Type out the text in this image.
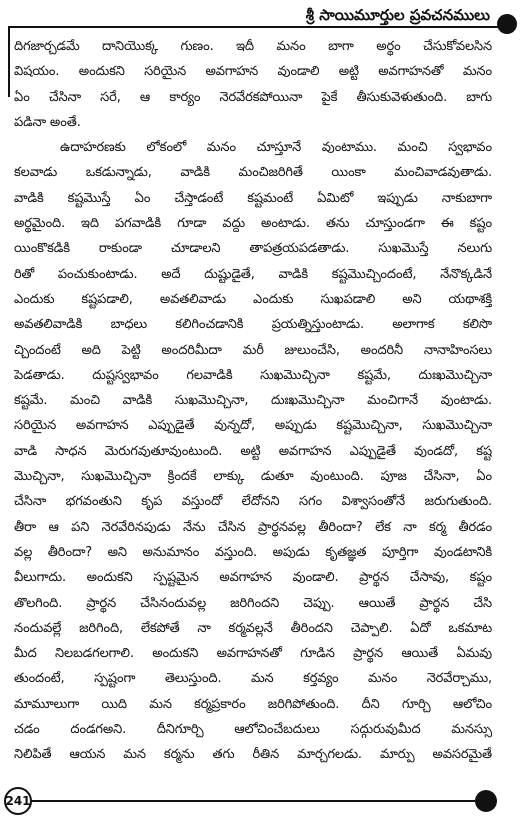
శ్రీ సాయిమూర్తుల ప్రవచనములు
దిగజార్చడమే దానియొక్క గుణం. ఇదీ మనం బాగా అర్థం చేసుకోవలసిన
విషయం. అందుకని సరియైన అవగాహన వుండాలి అట్టి అవగాహనతో మనం
ఏం చేసినా సరే, ఆ కార్యం నెరవేరకపోయినా పైకే తీసుకువెళుతుంది. బాగు
పడినా అంతే.
ఉదాహరణకు లోకంలో మనం చూస్తూనే వుంటాము. మంచి స్వభావం
కలవాడు ఒకడున్నాడు, వాడికి మంచిజరిగితే యింకా మంచివాడవుతాడు.
వాడికి కష్టమొస్తే ఏం చేస్తాడంటే కష్టమంటే ఏమిటో ఇప్పుడు నాకుబాగా
అర్థమైంది. ఇది పగవాడికి గూడా వద్దు అంటాడు. తను చూస్తుండగా ఈ కష్టం
యింకొకడికి రాకుండా చూడాలని తాపత్రయపడతాడు. సుఖమొస్తే నలుగు
రితో పంచుకుంటాడు. అదే దుష్టుడైతే, వాడికి కష్టమొచ్చిందంటే, నేనొక్కడినే
ఎందుకు కష్టపడాలి, అవతలివాడు ఎందుకు సుఖపడాలి అని యథాశక్తి
అవతలివాడికి బాధలు కలిగించడానికి ప్రయత్నిస్తుంటాడు. అలాగాక కలిసొ
చ్చిందంటే అది పెట్టి అందరిమీదా మరీ జులుంచేసి, అందరినీ నానాహింసలు
పెడతాడు. దుష్టస్వభావం గలవాడికి సుఖమొచ్చినా కష్టమే, దుఃఖమొచ్చినా
కష్టమే. మంచి వాడికి సుఖమొచ్చినా, దుఃఖమొచ్చినా మంచిగానే వుంటాడు.
సరియైన అవగాహన ఎప్పుడైతే వున్నదో, అప్పుడు కష్టమొచ్చినా, సుఖమొచ్చినా
వాడి సాధన మెరుగవుతూవుంటుంది. అట్టి అవగాహన ఎప్పుడైతే వుండదో, కష్ట
మొచ్చినా, సుఖమొచ్చినా క్రిందకే లాక్కు డుతూ వుంటుంది. పూజ చేసినా, ఏం
చేసినా భగవంతుని కృప వస్తుందో లేదోనని సగం విశ్వాసంతోనే జరుగుతుంది.
తీరా ఆ పని నెరవేరినపుడు నేను చేసిన ప్రార్థనవల్ల తీరిందా? లేక నా కర్మ తీరడం
వల్ల తీరిందా? అని అనుమానం వస్తుంది. అపుడు కృతజ్ఞత పూర్తిగా వుండటానికి
వీలుగాదు. అందుకని స్పష్టమైన అవగాహన వుండాలి. ప్రార్థన చేసావు, కష్టం
తొలగింది. ప్రార్థన చేసినందువల్ల జరిగిందని చెప్పు. ఆయితే ప్రార్థన చేసి
నందువల్లే జరిగింది, లేకపోతే నా కర్మవల్లనే తీరిందని చెప్పాలి. ఏదో ఒకమాట
మీద నిలబడగలగాలి. అందుకని అవగాహనతో గూడిన ప్రార్థన ఆయితే ఏమవు
తుందంటే, స్పష్టంగా తెలుస్తుంది. మన కర్తవ్యం మనం నెరవేర్చాము,
మామూలుగా యిది మన కర్మప్రకారం జరిగిపోతుంది. దీని గూర్చి ఆలోచిం
చడం దండగఅని. దీనిగూర్చి ఆలోచించేబదులు సద్గురువుమీద మనస్సు
నిలిపితే ఆయన మన కర్మను తగు రీతిన మార్చగలడు. మార్పు అవసరమైతే
241
